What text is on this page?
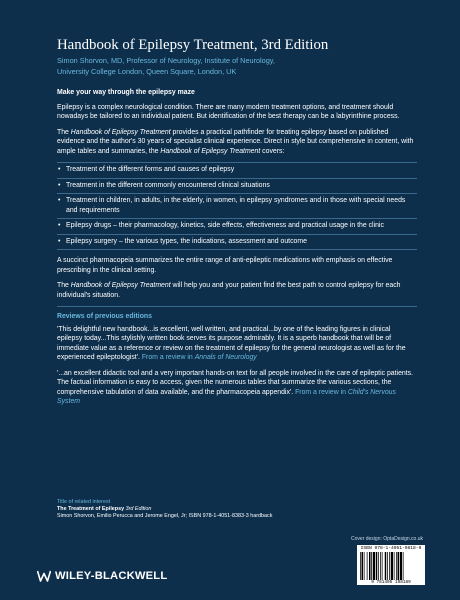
Handbook of Epilepsy Treatment, 3rd Edition
Simon Shorvon, MD, Professor of Neurology, Institute of Neurology,
University College London, Queen Square, London, UK

Make your way through the epilepsy maze

Epilepsy is a complex neurological condition. There are many modern treatment options, and treatment should nowadays be tailored to an individual patient. But identification of the best therapy can be a labyrinthine process.

The Handbook of Epilepsy Treatment provides a practical pathfinder for treating epilepsy based on published evidence and the author's 30 years of specialist clinical experience. Direct in style but comprehensive in content, with ample tables and summaries, the Handbook of Epilepsy Treatment covers:

• Treatment of the different forms and causes of epilepsy
• Treatment in the different commonly encountered clinical situations
• Treatment in children, in adults, in the elderly, in women, in epilepsy syndromes and in those with special needs and requirements
• Epilepsy drugs – their pharmacology, kinetics, side effects, effectiveness and practical usage in the clinic
• Epilepsy surgery – the various types, the indications, assessment and outcome

A succinct pharmacopeia summarizes the entire range of anti-epileptic medications with emphasis on effective prescribing in the clinical setting.

The Handbook of Epilepsy Treatment will help you and your patient find the best path to control epilepsy for each individual's situation.

Reviews of previous editions

'This delightful new handbook...is excellent, well written, and practical...by one of the leading figures in clinical epilepsy today...This stylishly written book serves its purpose admirably. It is a superb handbook that will be of immediate value as a reference or review on the treatment of epilepsy for the general neurologist as well as for the experienced epileptologist'. From a review in Annals of Neurology

'...an excellent didactic tool and a very important hands-on text for all people involved in the care of epileptic patients. The factual information is easy to access, given the numerous tables that summarize the various sections, the comprehensive tabulation of data available, and the pharmacopeia appendix'. From a review in Child's Nervous System

Title of related interest
The Treatment of Epilepsy 3rd Edition
Simon Shorvon, Emilio Perucca and Jerome Engel, Jr; ISBN 978-1-4051-8383-3 hardback
Cover design: OptaDesign.co.uk
WILEY-BLACKWELL
ISBN 978-1-4051-9818-9
9 781405 198189
